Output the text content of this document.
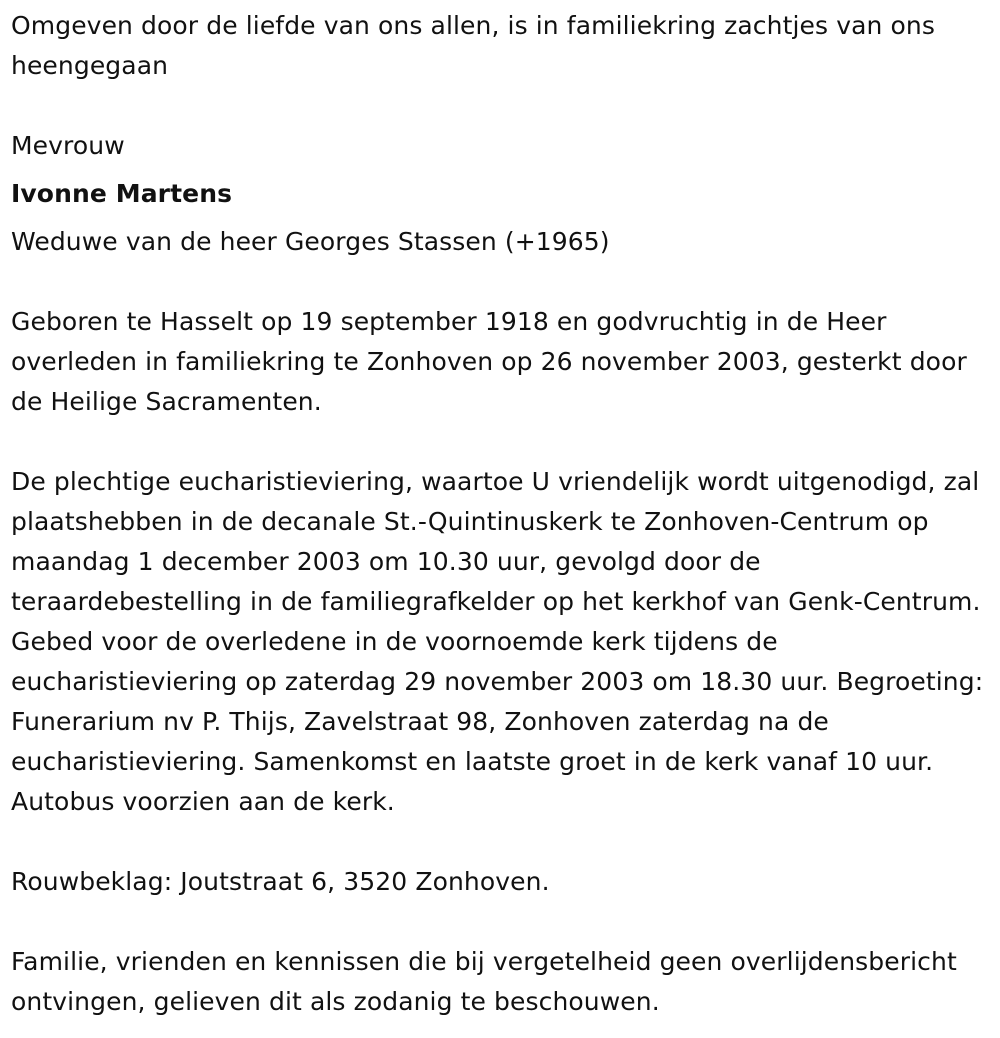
Omgeven door de liefde van ons allen, is in familiekring zachtjes van ons heengegaan

Mevrouw

Ivonne Martens

Weduwe van de heer Georges Stassen (+1965)

Geboren te Hasselt op 19 september 1918 en godvruchtig in de Heer overleden in familiekring te Zonhoven op 26 november 2003, gesterkt door de Heilige Sacramenten.

De plechtige eucharistieviering, waartoe U vriendelijk wordt uitgenodigd, zal plaatshebben in de decanale St.-Quintinuskerk te Zonhoven-Centrum op maandag 1 december 2003 om 10.30 uur, gevolgd door de teraardebestelling in de familiegrafkelder op het kerkhof van Genk-Centrum. Gebed voor de overledene in de voornoemde kerk tijdens de eucharistieviering op zaterdag 29 november 2003 om 18.30 uur. Begroeting: Funerarium nv P. Thijs, Zavelstraat 98, Zonhoven zaterdag na de eucharistieviering. Samenkomst en laatste groet in de kerk vanaf 10 uur. Autobus voorzien aan de kerk.

Rouwbeklag: Joutstraat 6, 3520 Zonhoven.

Familie, vrienden en kennissen die bij vergetelheid geen overlijdensbericht ontvingen, gelieven dit als zodanig te beschouwen.
